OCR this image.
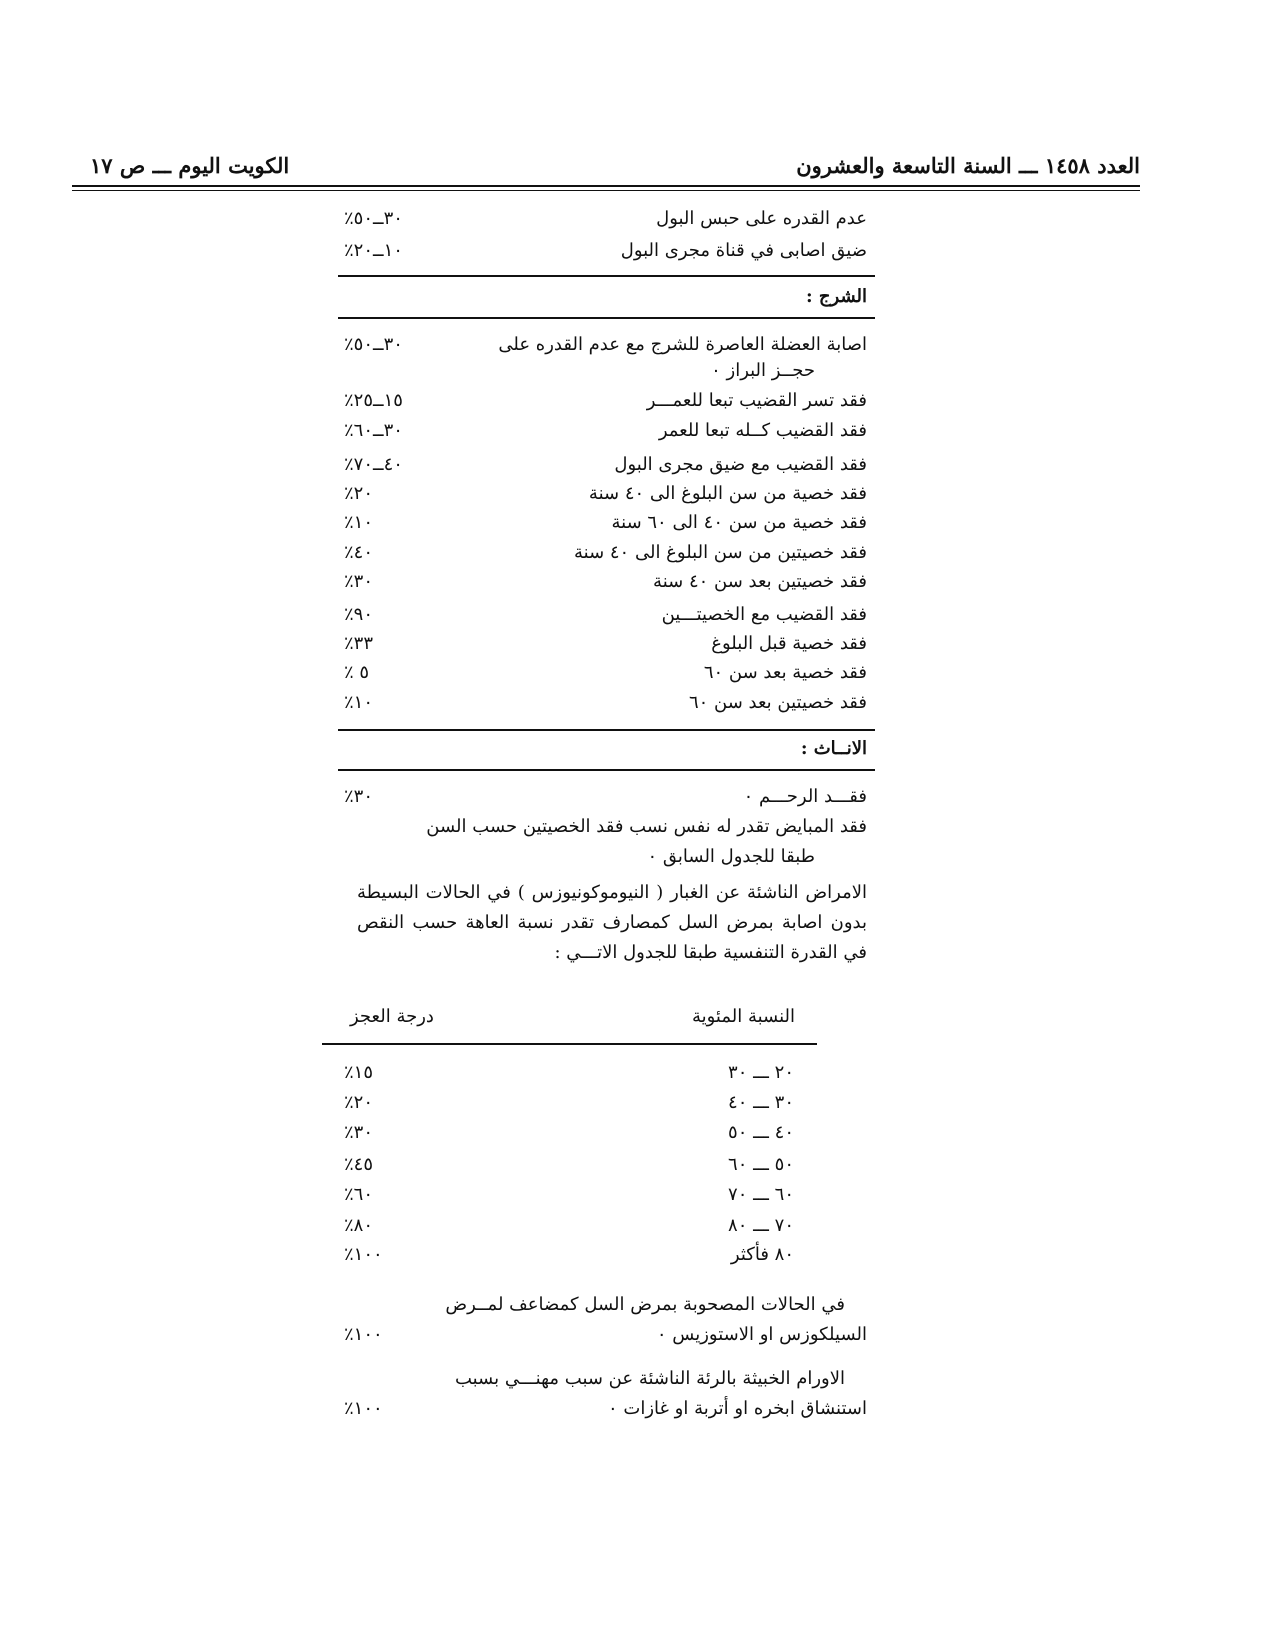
العدد ١٤٥٨ ـــ السنة التاسعة والعشرون
الكويت اليوم ـــ ص ١٧
عدم القدره على حبس البول
٣٠ــ٥٠٪
ضيق اصابى في قناة مجرى البول
١٠ــ٢٠٪
الشرج :
اصابة العضلة العاصرة للشرج مع عدم القدره على
٣٠ــ٥٠٪
حجــز البراز ٠
فقد تسر القضيب تبعا للعمـــر
١٥ــ٢٥٪
فقد القضيب كــله تبعا للعمر
٣٠ــ٦٠٪
فقد القضيب مع ضيق مجرى البول
٤٠ــ٧٠٪
فقد خصية من سن البلوغ الى ٤٠ سنة
٢٠٪
فقد خصية من سن ٤٠ الى ٦٠ سنة
١٠٪
فقد خصيتين من سن البلوغ الى ٤٠ سنة
٤٠٪
فقد خصيتين بعد سن ٤٠ سنة
٣٠٪
فقد القضيب مع الخصيتـــين
٩٠٪
فقد خصية قبل البلوغ
٣٣٪
فقد خصية بعد سن ٦٠
٥ ٪
فقد خصيتين بعد سن ٦٠
١٠٪
الانــاث :
فقـــد الرحـــم ٠
٣٠٪
فقد المبايض تقدر له نفس نسب فقد الخصيتين حسب السن
طبقا للجدول السابق ٠
الامراض الناشئة عن الغبار ( النيوموكونيوزس ) في الحالات البسيطة بدون اصابة بمرض السل كمصارف تقدر نسبة العاهة حسب النقص في القدرة التنفسية طبقا للجدول الاتـــي :
النسبة المئوية
درجة العجز
٢٠ ـــ ٣٠
١٥٪
٣٠ ـــ ٤٠
٢٠٪
٤٠ ـــ ٥٠
٣٠٪
٥٠ ـــ ٦٠
٤٥٪
٦٠ ـــ ٧٠
٦٠٪
٧٠ ـــ ٨٠
٨٠٪
٨٠ فأكثر
١٠٠٪
في الحالات المصحوبة بمرض السل كمضاعف لمــرض
السيلكوزس او الاستوزيس ٠
١٠٠٪
الاورام الخبيثة بالرئة الناشئة عن سبب مهنـــي بسبب
استنشاق ابخره او أتربة او غازات ٠
١٠٠٪
